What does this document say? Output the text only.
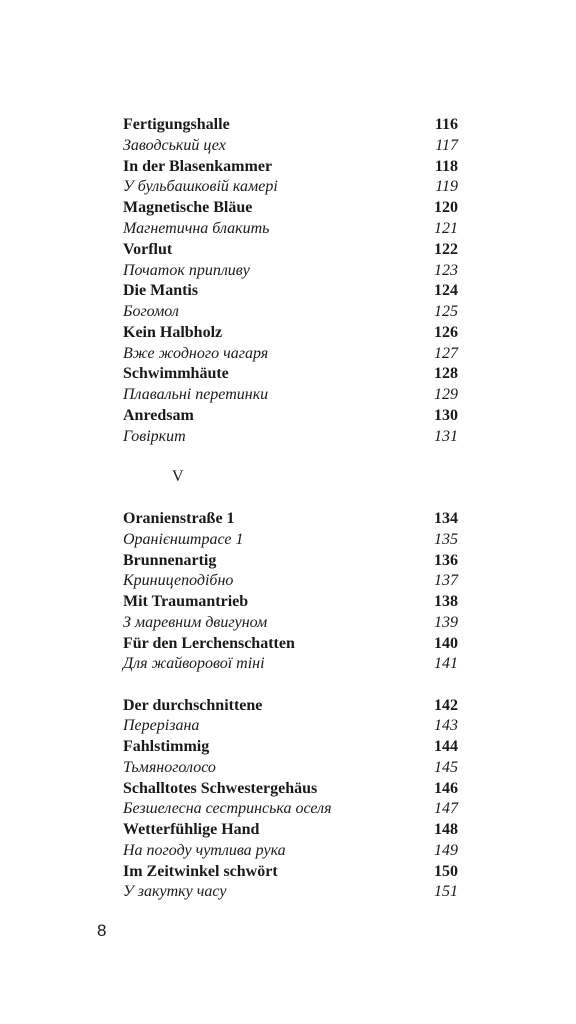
Fertigungshalle	116
Заводський цех	117
In der Blasenkammer	118
У бульбашковій камері	119
Magnetische Bläue	120
Магнетична блакить	121
Vorflut	122
Початок припливу	123
Die Mantis	124
Богомол	125
Kein Halbholz	126
Вже жодного чагаря	127
Schwimmhäute	128
Плавальні перетинки	129
Anredsam	130
Говіркиm	131
V
Oranienstraße 1	134
Оранієнштрасе 1	135
Brunnenartig	136
Криницеподібно	137
Mit Traumantrieb	138
З маревним двигуном	139
Für den Lerchenschatten	140
Для жайворової тіні	141
Der durchschnittene	142
Перерізана	143
Fahlstimmig	144
Тьмяноголосо	145
Schalltotes Schwestergehäus	146
Безшелесна сестринська оселя	147
Wetterfühlige Hand	148
На погоду чутлива рука	149
Im Zeitwinkel schwört	150
У закутку часу	151
8
